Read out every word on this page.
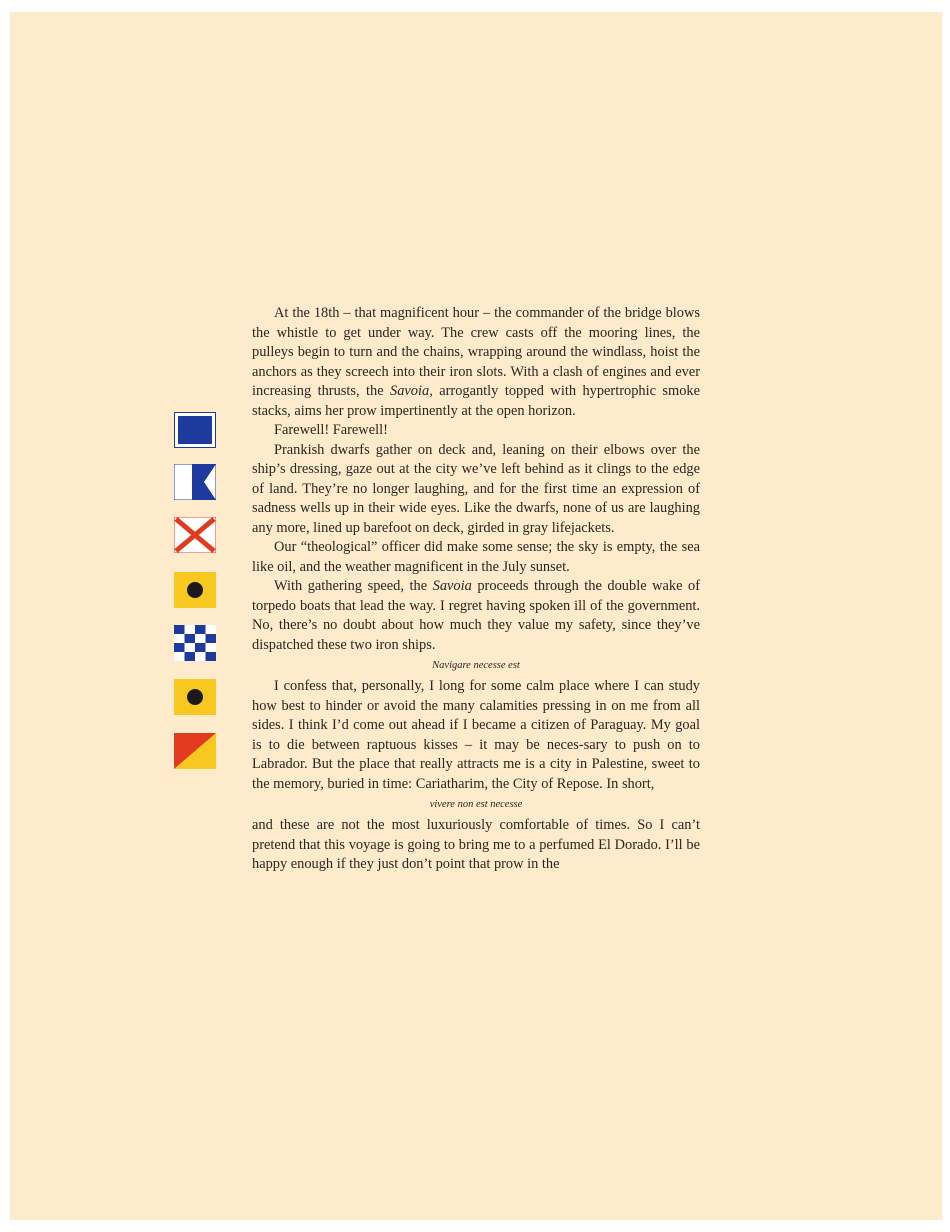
At the 18th – that magnificent hour – the commander of the bridge blows the whistle to get under way. The crew casts off the mooring lines, the pulleys begin to turn and the chains, wrapping around the windlass, hoist the anchors as they screech into their iron slots. With a clash of engines and ever increasing thrusts, the Savoia, arrogantly topped with hypertrophic smoke stacks, aims her prow impertinently at the open horizon.

Farewell! Farewell!

Prankish dwarfs gather on deck and, leaning on their elbows over the ship’s dressing, gaze out at the city we’ve left behind as it clings to the edge of land. They’re no longer laughing, and for the first time an expression of sadness wells up in their wide eyes. Like the dwarfs, none of us are laughing any more, lined up barefoot on deck, girded in gray lifejackets.

Our “theological” officer did make some sense; the sky is empty, the sea like oil, and the weather magnificent in the July sunset.

With gathering speed, the Savoia proceeds through the double wake of torpedo boats that lead the way. I regret having spoken ill of the government. No, there’s no doubt about how much they value my safety, since they’ve dispatched these two iron ships.

Navigare necesse est

I confess that, personally, I long for some calm place where I can study how best to hinder or avoid the many calamities pressing in on me from all sides. I think I’d come out ahead if I became a citizen of Paraguay. My goal is to die between raptuous kisses – it may be neces-sary to push on to Labrador. But the place that really attracts me is a city in Palestine, sweet to the memory, buried in time: Cariatharim, the City of Repose. In short,

vivere non est necesse

and these are not the most luxuriously comfortable of times. So I can’t pretend that this voyage is going to bring me to a perfumed El Dorado. I’ll be happy enough if they just don’t point that prow in the
